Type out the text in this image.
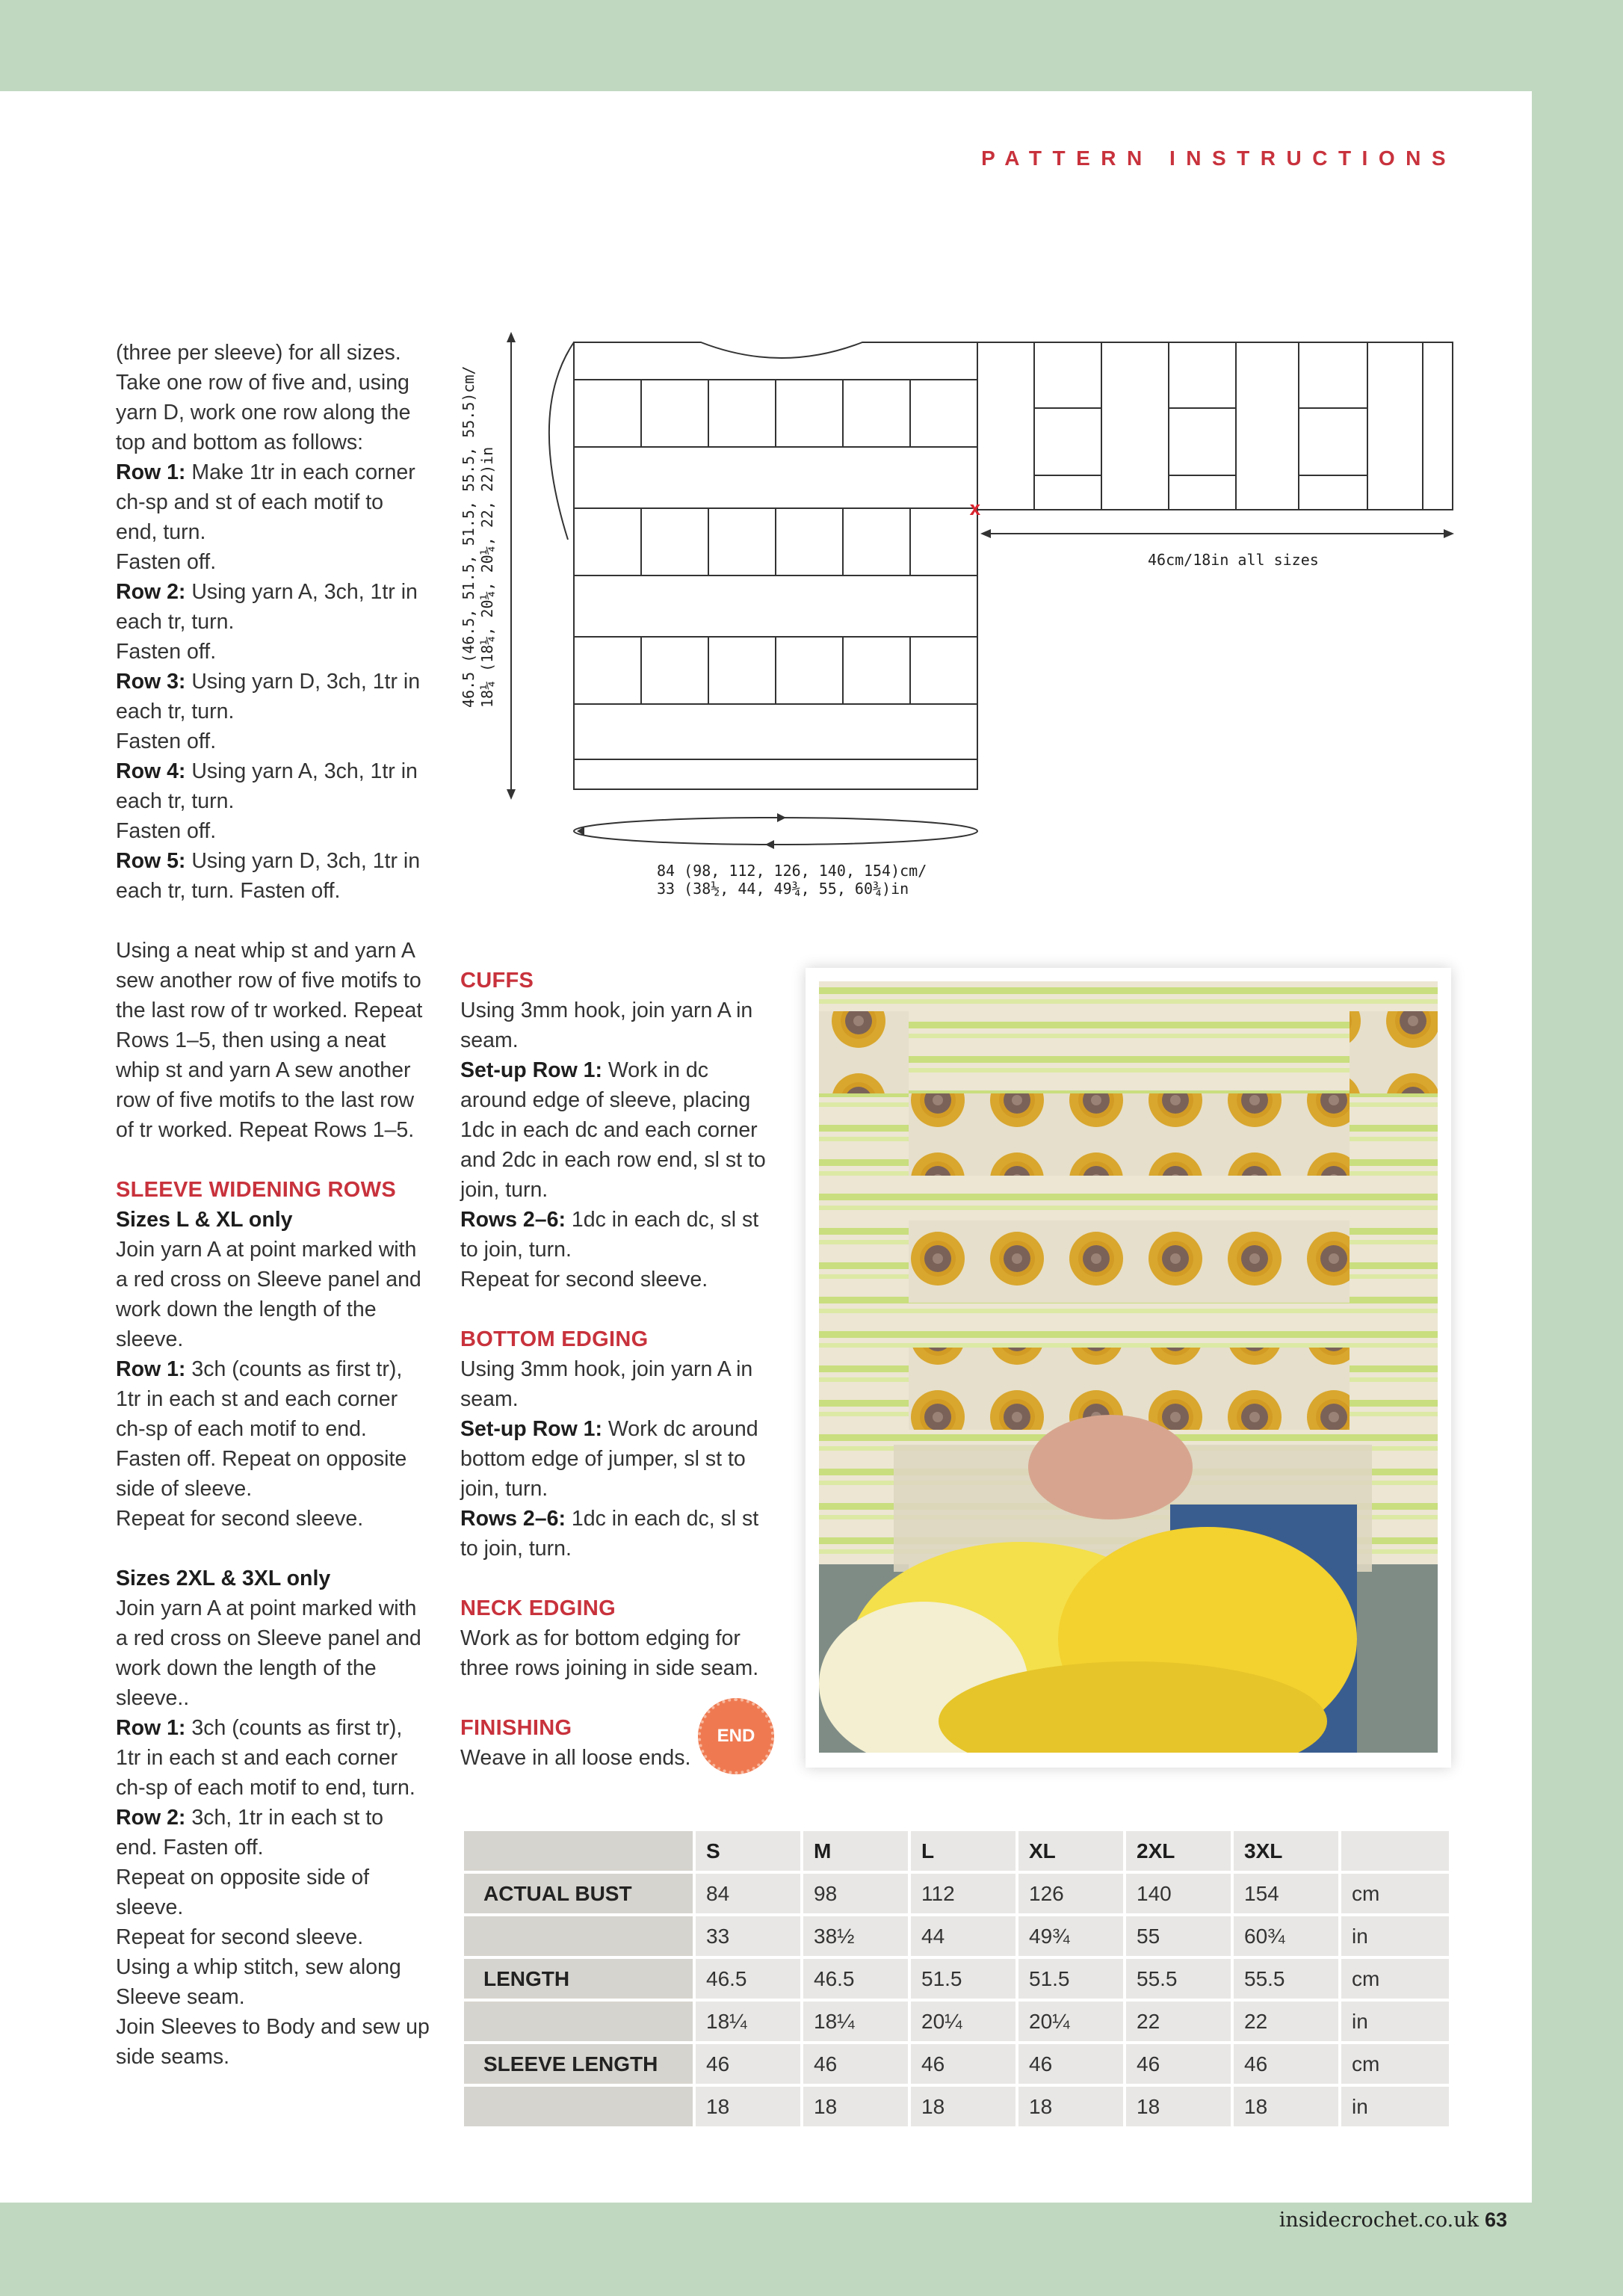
PATTERN INSTRUCTIONS

(three per sleeve) for all sizes. Take one row of five and, using yarn D, work one row along the top and bottom as follows:

Row 1: Make 1tr in each corner ch-sp and st of each motif to end, turn.

Fasten off.

Row 2: Using yarn A, 3ch, 1tr in each tr, turn.

Fasten off.

Row 3: Using yarn D, 3ch, 1tr in each tr, turn.

Fasten off.

Row 4: Using yarn A, 3ch, 1tr in each tr, turn.

Fasten off.

Row 5: Using yarn D, 3ch, 1tr in each tr, turn. Fasten off.

Using a neat whip st and yarn A sew another row of five motifs to the last row of tr worked. Repeat Rows 1–5, then using a neat whip st and yarn A sew another row of five motifs to the last row of tr worked. Repeat Rows 1–5.

SLEEVE WIDENING ROWS
Sizes L & XL only

Join yarn A at point marked with a red cross on Sleeve panel and work down the length of the sleeve.

Row 1: 3ch (counts as first tr), 1tr in each st and each corner ch-sp of each motif to end. Fasten off. Repeat on opposite side of sleeve.

Repeat for second sleeve.

Sizes 2XL & 3XL only

Join yarn A at point marked with a red cross on Sleeve panel and work down the length of the sleeve..

Row 1: 3ch (counts as first tr), 1tr in each st and each corner ch-sp of each motif to end, turn.

Row 2: 3ch, 1tr in each st to end. Fasten off.

Repeat on opposite side of sleeve.

Repeat for second sleeve.

Using a whip stitch, sew along Sleeve seam.

Join Sleeves to Body and sew up side seams.

CUFFS

Using 3mm hook, join yarn A in seam.

Set-up Row 1: Work in dc around edge of sleeve, placing 1dc in each dc and each corner and 2dc in each row end, sl st to join, turn.

Rows 2–6: 1dc in each dc, sl st to join, turn.

Repeat for second sleeve.

BOTTOM EDGING

Using 3mm hook, join yarn A in seam.

Set-up Row 1: Work dc around bottom edge of jumper, sl st to join, turn.

Rows 2–6: 1dc in each dc, sl st to join, turn.

NECK EDGING

Work as for bottom edging for three rows joining in side seam.

FINISHING

Weave in all loose ends.

x
46.5 (46.5, 51.5, 51.5, 55.5, 55.5)cm/ 18¼ (18¼, 20¼, 20¼, 22, 22)in	46cm/18in all sizes
84 (98, 112, 126, 140, 154)cm/
33 (38½, 44, 49¾, 55, 60¾)in
END
	S	M	L	XL	2XL	3XL	
ACTUAL BUST	84	98	112	126	140	154	cm
	33	38½	44	49¾	55	60¾	in
LENGTH	46.5	46.5	51.5	51.5	55.5	55.5	cm
	18¼	18¼	20¼	20¼	22	22	in
SLEEVE LENGTH	46	46	46	46	46	46	cm
	18	18	18	18	18	18	in
insidecrochet.co.uk 63
